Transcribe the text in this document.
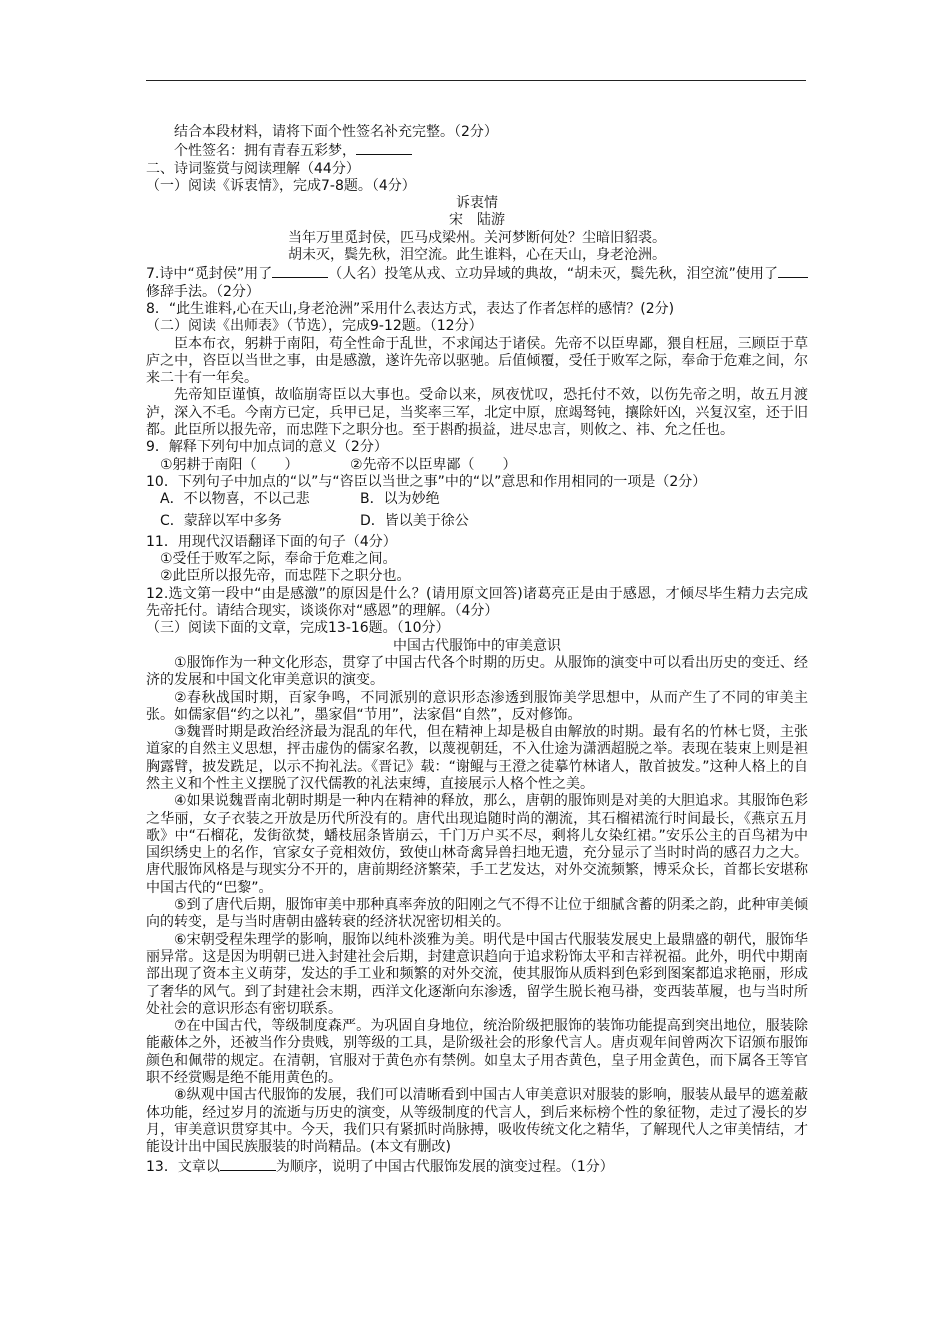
结合本段材料，请将下面个性签名补充完整。（2分）
个性签名：拥有青春五彩梦，
二、诗词鉴赏与阅读理解（44分）
（一）阅读《诉衷情》，完成7-8题。（4分）
诉衷情
宋　陆游
当年万里觅封侯，匹马戍梁州。关河梦断何处？尘暗旧貂裘。
胡未灭，鬓先秋，泪空流。此生谁料，心在天山，身老沧洲。
7.诗中“觅封侯”用了	（人名）投笔从戎、立功异域的典故，“胡未灭，鬓先秋，泪空流”使用了修辞手法。（2分）
8．“此生谁料,心在天山,身老沧洲”采用什么表达方式，表达了作者怎样的感情？(2分)
（二）阅读《出师表》（节选），完成9-12题。（12分）
臣本布衣，躬耕于南阳，苟全性命于乱世，不求闻达于诸侯。先帝不以臣卑鄙，猥自枉屈，三顾臣于草庐之中，咨臣以当世之事，由是感激，遂许先帝以驱驰。后值倾覆，受任于败军之际，奉命于危难之间，尔来二十有一年矣。
先帝知臣谨慎，故临崩寄臣以大事也。受命以来，夙夜忧叹，恐托付不效，以伤先帝之明，故五月渡泸，深入不毛。今南方已定，兵甲已足，当奖率三军，北定中原，庶竭驽钝，攘除奸凶，兴复汉室，还于旧都。此臣所以报先帝，而忠陛下之职分也。至于斟酌损益，进尽忠言，则攸之、祎、允之任也。
9．解释下列句中加点词的意义（2分）
①躬耕于南阳（　　）	②先帝不以臣卑鄙（　　）
10．下列句子中加点的“以”与“咨臣以当世之事”中的“以”意思和作用相同的一项是（2分）
A．不以物喜，不以己悲	B．以为妙绝
C．蒙辞以军中多务	D．皆以美于徐公
11．用现代汉语翻译下面的句子（4分）
①受任于败军之际，奉命于危难之间。
②此臣所以报先帝，而忠陛下之职分也。
12.选文第一段中“由是感激”的原因是什么？(请用原文回答)诸葛亮正是由于感恩，才倾尽毕生精力去完成先帝托付。请结合现实，谈谈你对“感恩”的理解。（4分）
（三）阅读下面的文章，完成13-16题。（10分）
中国古代服饰中的审美意识
①服饰作为一种文化形态，贯穿了中国古代各个时期的历史。从服饰的演变中可以看出历史的变迁、经济的发展和中国文化审美意识的演变。
②春秋战国时期，百家争鸣，不同派别的意识形态渗透到服饰美学思想中，从而产生了不同的审美主张。如儒家倡“约之以礼”，墨家倡“节用”，法家倡“自然”，反对修饰。
③魏晋时期是政治经济最为混乱的年代，但在精神上却是极自由解放的时期。最有名的竹林七贤，主张道家的自然主义思想，抨击虚伪的儒家名教，以蔑视朝廷，不入仕途为潇洒超脱之举。表现在装束上则是袒胸露臂，披发跣足，以示不拘礼法。《晋记》载：“谢鲲与王澄之徒摹竹林诸人，散首披发。”这种人格上的自然主义和个性主义摆脱了汉代儒教的礼法束缚，直接展示人格个性之美。
④如果说魏晋南北朝时期是一种内在精神的释放，那么，唐朝的服饰则是对美的大胆追求。其服饰色彩之华丽，女子衣装之开放是历代所没有的。唐代出现追随时尚的潮流，其石榴裙流行时间最长，《燕京五月歌》中“石榴花，发街欲焚，蟠枝屈条皆崩云，千门万户买不尽，剩将儿女染红裙。”安乐公主的百鸟裙为中国织绣史上的名作，官家女子竞相效仿，致使山林奇禽异兽扫地无遗，充分显示了当时时尚的感召力之大。唐代服饰风格是与现实分不开的，唐前期经济繁荣，手工艺发达，对外交流频繁，博采众长，首都长安堪称中国古代的“巴黎”。
⑤到了唐代后期，服饰审美中那种真率奔放的阳刚之气不得不让位于细腻含蓄的阴柔之韵，此种审美倾向的转变，是与当时唐朝由盛转衰的经济状况密切相关的。
⑥宋朝受程朱理学的影响，服饰以纯朴淡雅为美。明代是中国古代服装发展史上最鼎盛的朝代，服饰华丽异常。这是因为明朝已进入封建社会后期，封建意识趋向于追求粉饰太平和吉祥祝福。此外，明代中期南部出现了资本主义萌芽，发达的手工业和频繁的对外交流，使其服饰从质料到色彩到图案都追求艳丽，形成了奢华的风气。到了封建社会末期，西洋文化逐渐向东渗透，留学生脱长袍马褂，变西装革履，也与当时所处社会的意识形态有密切联系。
⑦在中国古代，等级制度森严。为巩固自身地位，统治阶级把服饰的装饰功能提高到突出地位，服装除能蔽体之外，还被当作分贵贱，别等级的工具，是阶级社会的形象代言人。唐贞观年间曾两次下诏颁布服饰颜色和佩带的规定。在清朝，官服对于黄色亦有禁例。如皇太子用杏黄色，皇子用金黄色，而下属各王等官职不经赏赐是绝不能用黄色的。
⑧纵观中国古代服饰的发展，我们可以清晰看到中国古人审美意识对服装的影响，服装从最早的遮羞蔽体功能，经过岁月的流逝与历史的演变，从等级制度的代言人，到后来标榜个性的象征物，走过了漫长的岁月，审美意识贯穿其中。今天，我们只有紧抓时尚脉搏，吸收传统文化之精华，了解现代人之审美情结，才能设计出中国民族服装的时尚精品。(本文有删改)
13．文章以	为顺序，说明了中国古代服饰发展的演变过程。（1分）
